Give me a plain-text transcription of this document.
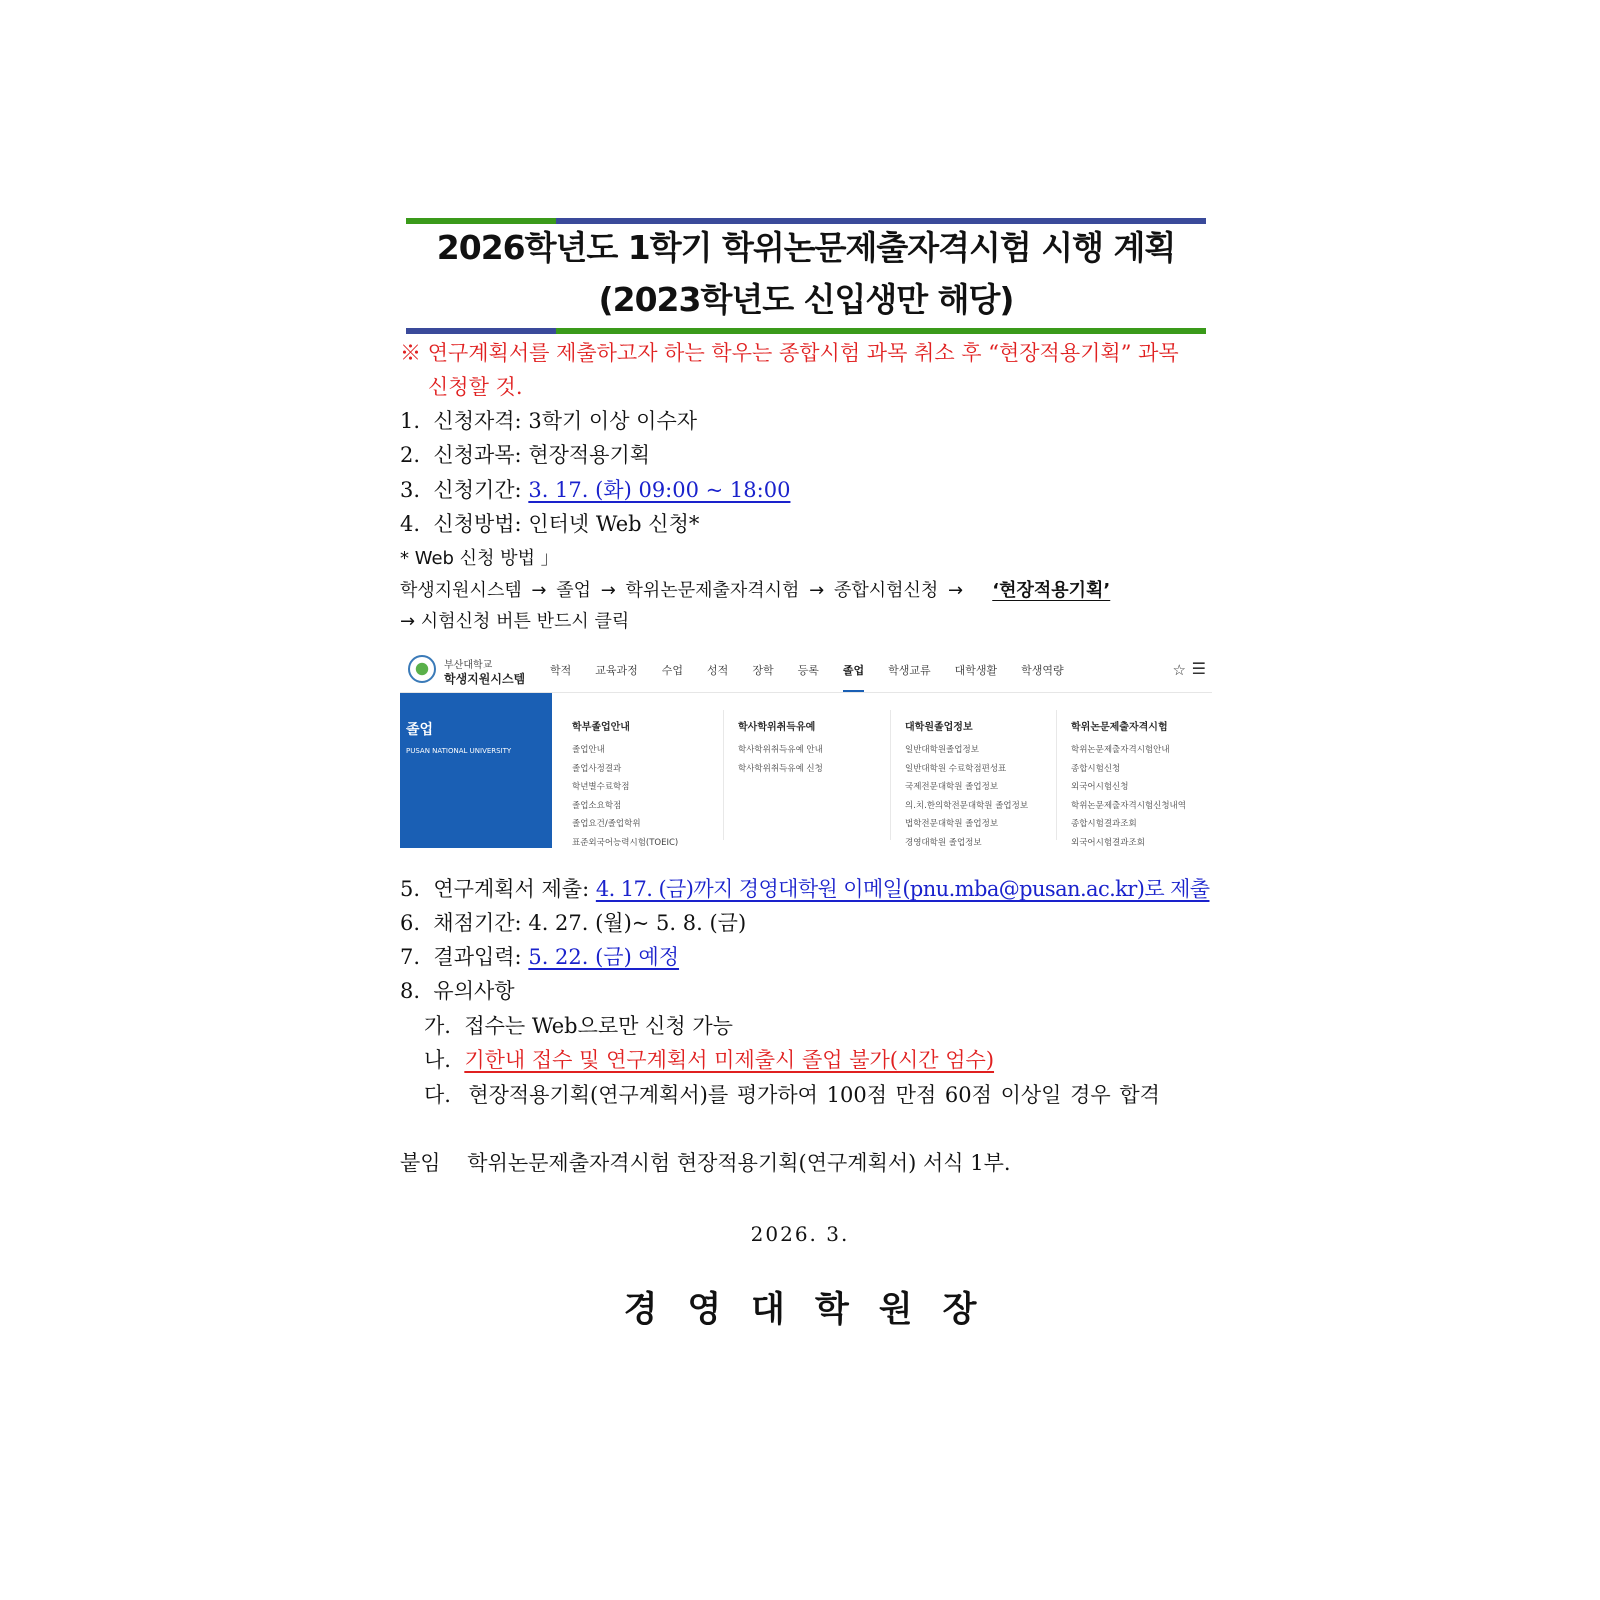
2026학년도 1학기 학위논문제출자격시험 시행 계획
(2023학년도 신입생만 해당)
※ 연구계획서를 제출하고자 하는 학우는 종합시험 과목 취소 후 “현장적용기획” 과목
신청할 것.
1. 신청자격: 3학기 이상 이수자
2. 신청과목: 현장적용기획
3. 신청기간: 3. 17. (화) 09:00 ~ 18:00
4. 신청방법: 인터넷 Web 신청*
* Web 신청 방법 」
학생지원시스템 → 졸업 → 학위논문제출자격시험 → 종합시험신청 → ‘현장적용기획’
→ 시험신청 버튼 반드시 클릭
부산대학교
학생지원시스템
학적 교육과정 수업 성적 장학 등록 졸업 학생교류 대학생활 학생역량	☆ ☰
졸업
PUSAN NATIONAL UNIVERSITY
학부졸업안내
졸업안내
졸업사정결과
학년별수료학점
졸업소요학점
졸업요건/졸업학위
표준외국어능력시험(TOEIC)
학사학위취득유예
학사학위취득유예 안내
학사학위취득유예 신청
대학원졸업정보
일반대학원졸업정보
일반대학원 수료학점편성표
국제전문대학원 졸업정보
의.치.한의학전문대학원 졸업정보
법학전문대학원 졸업정보
경영대학원 졸업정보
학위논문제출자격시험
학위논문제출자격시험안내
종합시험신청
외국어시험신청
학위논문제출자격시험신청내역
종합시험결과조회
외국어시험결과조회
5. 연구계획서 제출: 4. 17. (금)까지 경영대학원 이메일(pnu.mba@pusan.ac.kr)로 제출
6. 채점기간: 4. 27. (월)~ 5. 8. (금)
7. 결과입력: 5. 22. (금) 예정
8. 유의사항
가. 접수는 Web으로만 신청 가능
나. 기한내 접수 및 연구계획서 미제출시 졸업 불가(시간 엄수)
다. 현장적용기획(연구계획서)를 평가하여 100점 만점 60점 이상일 경우 합격
붙임 학위논문제출자격시험 현장적용기획(연구계획서) 서식 1부.
2026. 3.
경영대학원장
